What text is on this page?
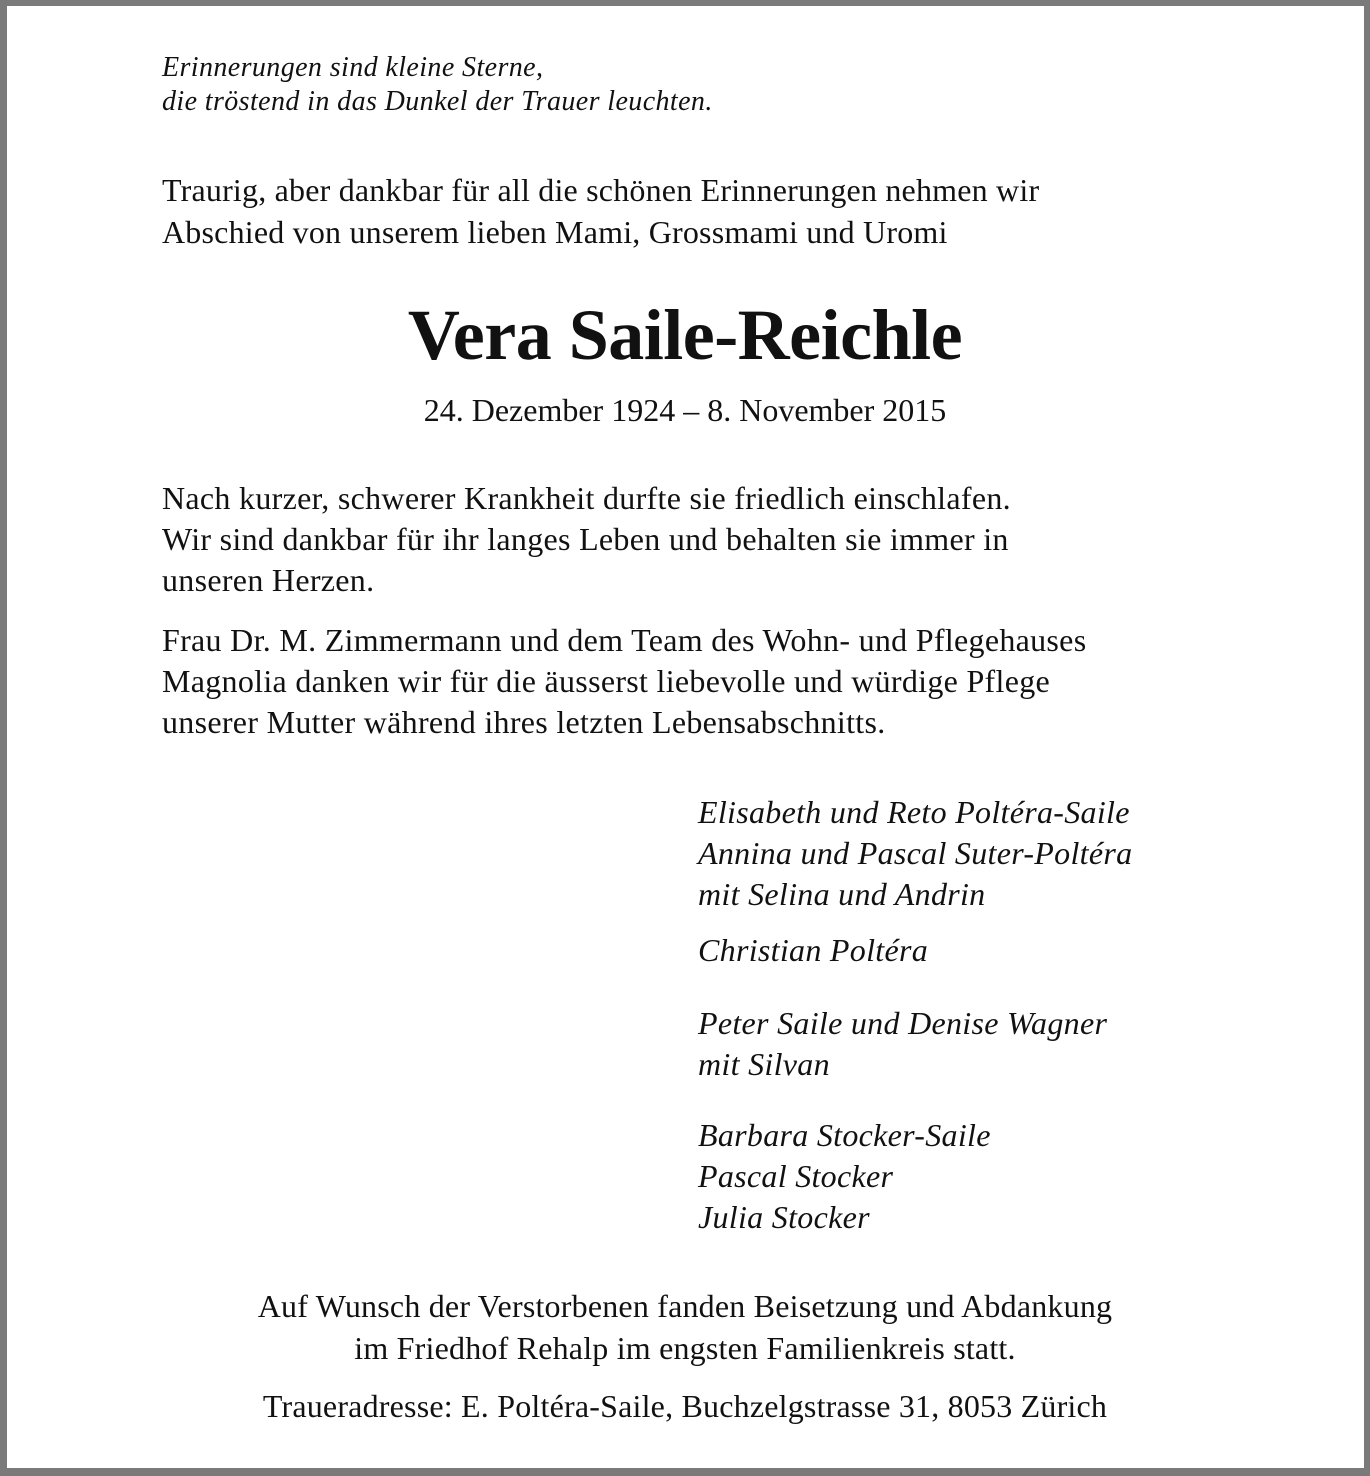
Erinnerungen sind kleine Sterne,

die tröstend in das Dunkel der Trauer leuchten.

Traurig, aber dankbar für all die schönen Erinnerungen nehmen wir

Abschied von unserem lieben Mami, Grossmami und Uromi

Vera Saile-Reichle

24. Dezember 1924 – 8. November 2015

Nach kurzer, schwerer Krankheit durfte sie friedlich einschlafen.

Wir sind dankbar für ihr langes Leben und behalten sie immer in

unseren Herzen.

Frau Dr. M. Zimmermann und dem Team des Wohn- und Pflegehauses

Magnolia danken wir für die äusserst liebevolle und würdige Pflege

unserer Mutter während ihres letzten Lebensabschnitts.

Elisabeth und Reto Poltéra-Saile

Annina und Pascal Suter-Poltéra

mit Selina und Andrin

Christian Poltéra

Peter Saile und Denise Wagner

mit Silvan

Barbara Stocker-Saile

Pascal Stocker

Julia Stocker

Auf Wunsch der Verstorbenen fanden Beisetzung und Abdankung

im Friedhof Rehalp im engsten Familienkreis statt.

Traueradresse: E. Poltéra-Saile, Buchzelgstrasse 31, 8053 Zürich
